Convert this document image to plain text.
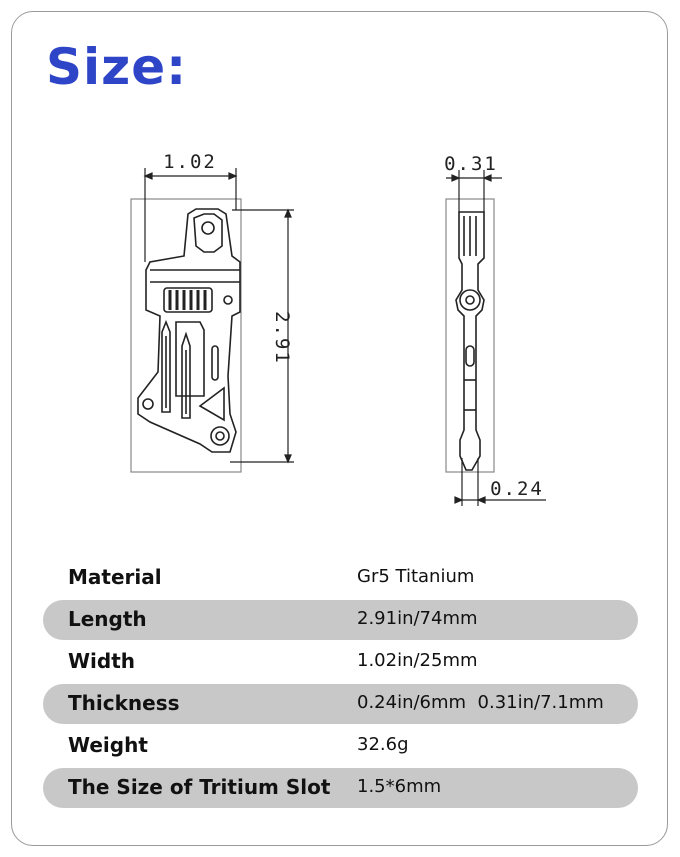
Size:
1.02
2.91
0.31
0.24
Material	Gr5 Titanium
Length	2.91in/74mm
Width	1.02in/25mm
Thickness	0.24in/6mm  0.31in/7.1mm
Weight	32.6g
The Size of Tritium Slot 1.5*6mm
